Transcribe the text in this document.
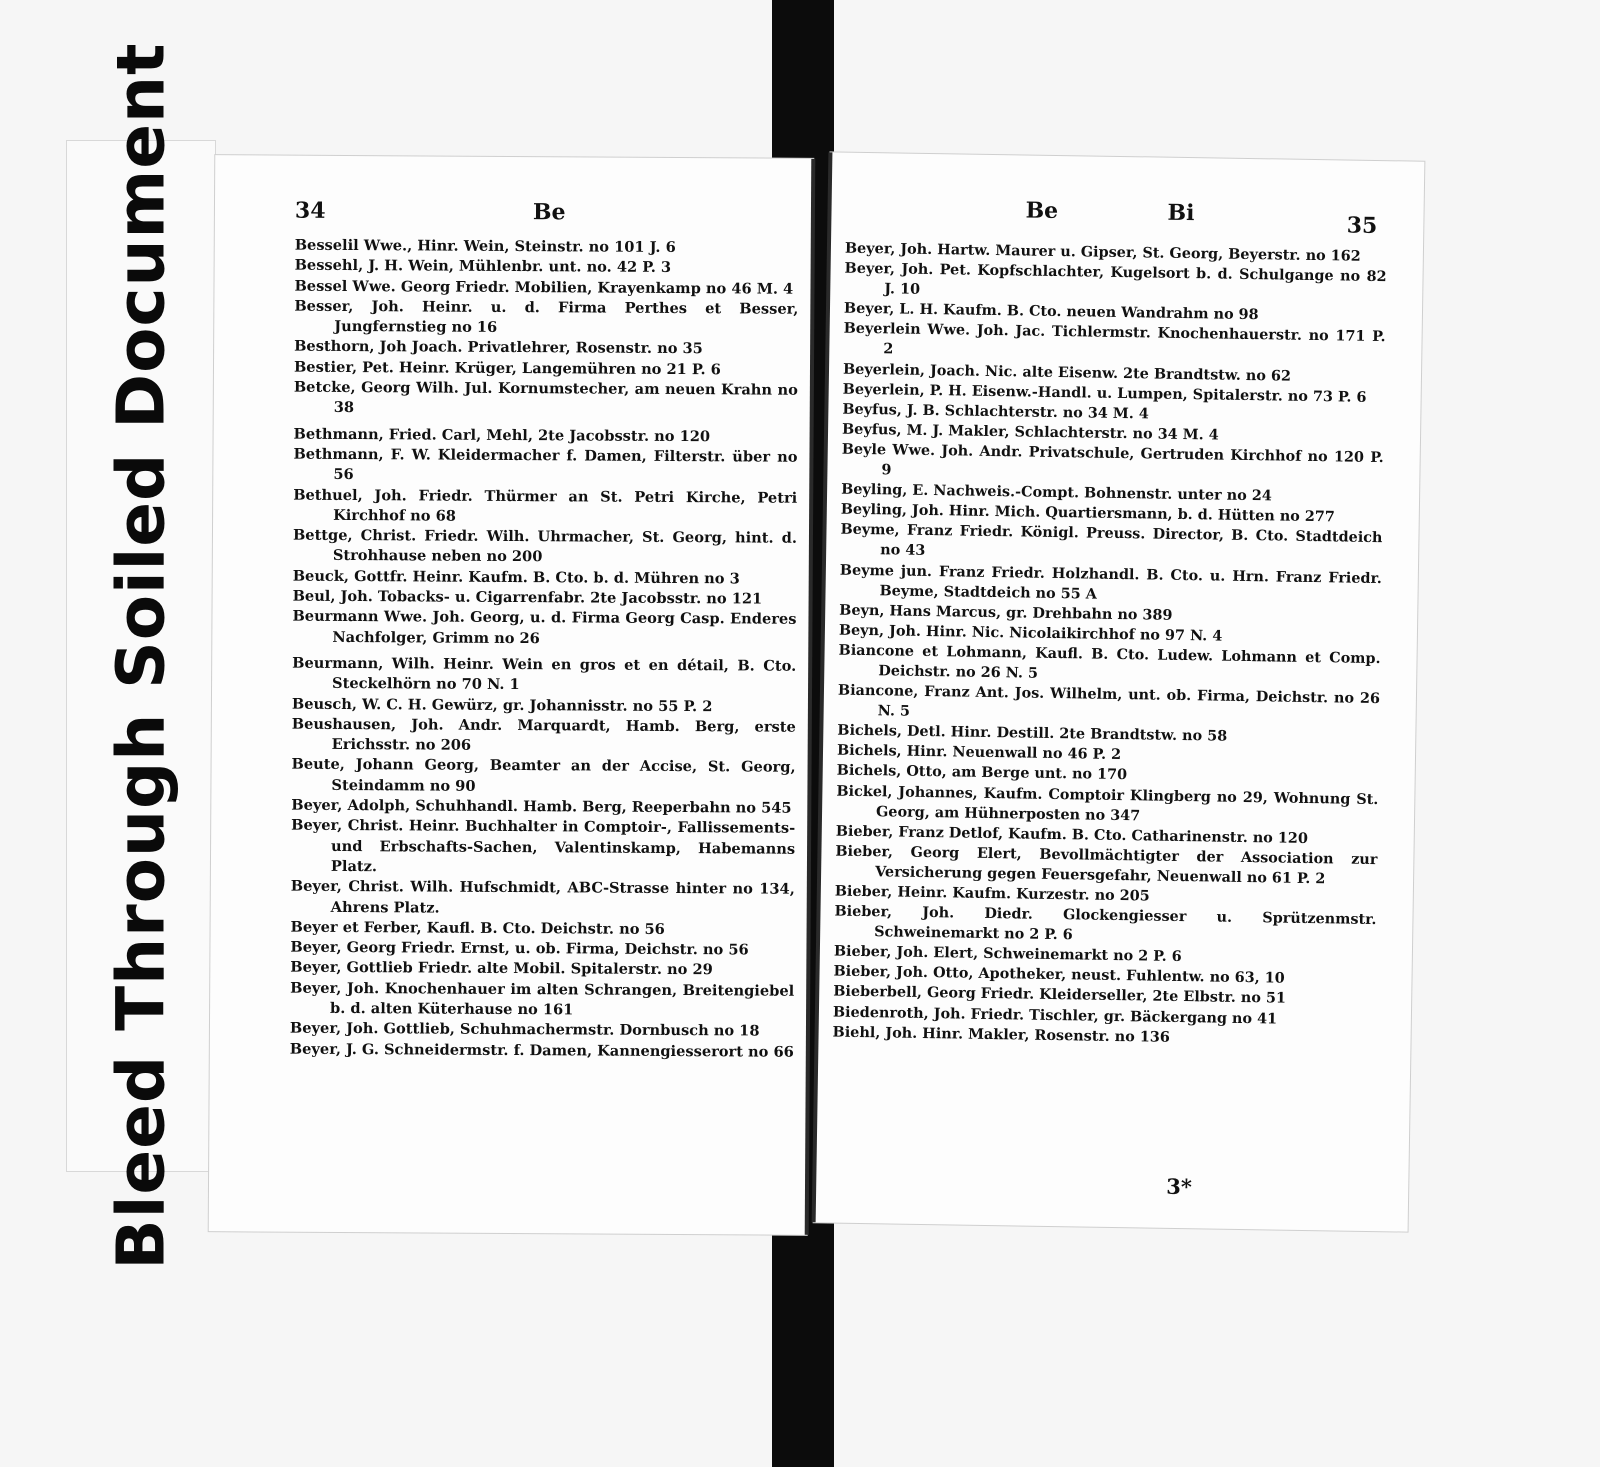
Bleed Through Soiled Document	34	Be

Besselil Wwe., Hinr. Wein, Steinstr. no 101 J. 6

Bessehl, J. H. Wein, Mühlenbr. unt. no. 42 P. 3

Bessel Wwe. Georg Friedr. Mobilien, Krayenkamp no 46 M. 4

Besser, Joh. Heinr. u. d. Firma Perthes et Besser, Jungfernstieg no 16

Besthorn, Joh Joach. Privatlehrer, Rosenstr. no 35

Bestier, Pet. Heinr. Krüger, Langemühren no 21 P. 6

Betcke, Georg Wilh. Jul. Kornumstecher, am neuen Krahn no 38

Bethmann, Fried. Carl, Mehl, 2te Jacobsstr. no 120

Bethmann, F. W. Kleidermacher f. Damen, Filterstr. über no 56

Bethuel, Joh. Friedr. Thürmer an St. Petri Kirche, Petri Kirchhof no 68

Bettge, Christ. Friedr. Wilh. Uhrmacher, St. Georg, hint. d. Strohhause neben no 200

Beuck, Gottfr. Heinr. Kaufm. B. Cto. b. d. Mühren no 3

Beul, Joh. Tobacks- u. Cigarrenfabr. 2te Jacobsstr. no 121

Beurmann Wwe. Joh. Georg, u. d. Firma Georg Casp. Enderes Nachfolger, Grimm no 26

Beurmann, Wilh. Heinr. Wein en gros et en détail, B. Cto. Steckelhörn no 70 N. 1

Beusch, W. C. H. Gewürz, gr. Johannisstr. no 55 P. 2

Beushausen, Joh. Andr. Marquardt, Hamb. Berg, erste Erichsstr. no 206

Beute, Johann Georg, Beamter an der Accise, St. Georg, Steindamm no 90

Beyer, Adolph, Schuhhandl. Hamb. Berg, Reeperbahn no 545

Beyer, Christ. Heinr. Buchhalter in Comptoir-, Fallissements- und Erbschafts-Sachen, Valentinskamp, Habemanns Platz.

Beyer, Christ. Wilh. Hufschmidt, ABC-Strasse hinter no 134, Ahrens Platz.

Beyer et Ferber, Kaufl. B. Cto. Deichstr. no 56

Beyer, Georg Friedr. Ernst, u. ob. Firma, Deichstr. no 56

Beyer, Gottlieb Friedr. alte Mobil. Spitalerstr. no 29

Beyer, Joh. Knochenhauer im alten Schrangen, Breitengiebel b. d. alten Küterhause no 161

Beyer, Joh. Gottlieb, Schuhmachermstr. Dornbusch no 18

Beyer, J. G. Schneidermstr. f. Damen, Kannengiesserort no 66

Be	Bi	35

Beyer, Joh. Hartw. Maurer u. Gipser, St. Georg, Beyerstr. no 162

Beyer, Joh. Pet. Kopfschlachter, Kugelsort b. d. Schulgange no 82 J. 10

Beyer, L. H. Kaufm. B. Cto. neuen Wandrahm no 98

Beyerlein Wwe. Joh. Jac. Tichlermstr. Knochenhauerstr. no 171 P. 2

Beyerlein, Joach. Nic. alte Eisenw. 2te Brandtstw. no 62

Beyerlein, P. H. Eisenw.-Handl. u. Lumpen, Spitalerstr. no 73 P. 6

Beyfus, J. B. Schlachterstr. no 34 M. 4

Beyfus, M. J. Makler, Schlachterstr. no 34 M. 4

Beyle Wwe. Joh. Andr. Privatschule, Gertruden Kirchhof no 120 P. 9

Beyling, E. Nachweis.-Compt. Bohnenstr. unter no 24

Beyling, Joh. Hinr. Mich. Quartiersmann, b. d. Hütten no 277

Beyme, Franz Friedr. Königl. Preuss. Director, B. Cto. Stadtdeich no 43

Beyme jun. Franz Friedr. Holzhandl. B. Cto. u. Hrn. Franz Friedr. Beyme, Stadtdeich no 55 A

Beyn, Hans Marcus, gr. Drehbahn no 389

Beyn, Joh. Hinr. Nic. Nicolaikirchhof no 97 N. 4

Biancone et Lohmann, Kaufl. B. Cto. Ludew. Lohmann et Comp. Deichstr. no 26 N. 5

Biancone, Franz Ant. Jos. Wilhelm, unt. ob. Firma, Deichstr. no 26 N. 5

Bichels, Detl. Hinr. Destill. 2te Brandtstw. no 58

Bichels, Hinr. Neuenwall no 46 P. 2

Bichels, Otto, am Berge unt. no 170

Bickel, Johannes, Kaufm. Comptoir Klingberg no 29, Wohnung St. Georg, am Hühnerposten no 347

Bieber, Franz Detlof, Kaufm. B. Cto. Catharinenstr. no 120

Bieber, Georg Elert, Bevollmächtigter der Association zur Versicherung gegen Feuersgefahr, Neuenwall no 61 P. 2

Bieber, Heinr. Kaufm. Kurzestr. no 205

Bieber, Joh. Diedr. Glockengiesser u. Sprützenmstr. Schweinemarkt no 2 P. 6

Bieber, Joh. Elert, Schweinemarkt no 2 P. 6

Bieber, Joh. Otto, Apotheker, neust. Fuhlentw. no 63, 10

Bieberbell, Georg Friedr. Kleiderseller, 2te Elbstr. no 51

Biedenroth, Joh. Friedr. Tischler, gr. Bäckergang no 41

Biehl, Joh. Hinr. Makler, Rosenstr. no 136

3*
